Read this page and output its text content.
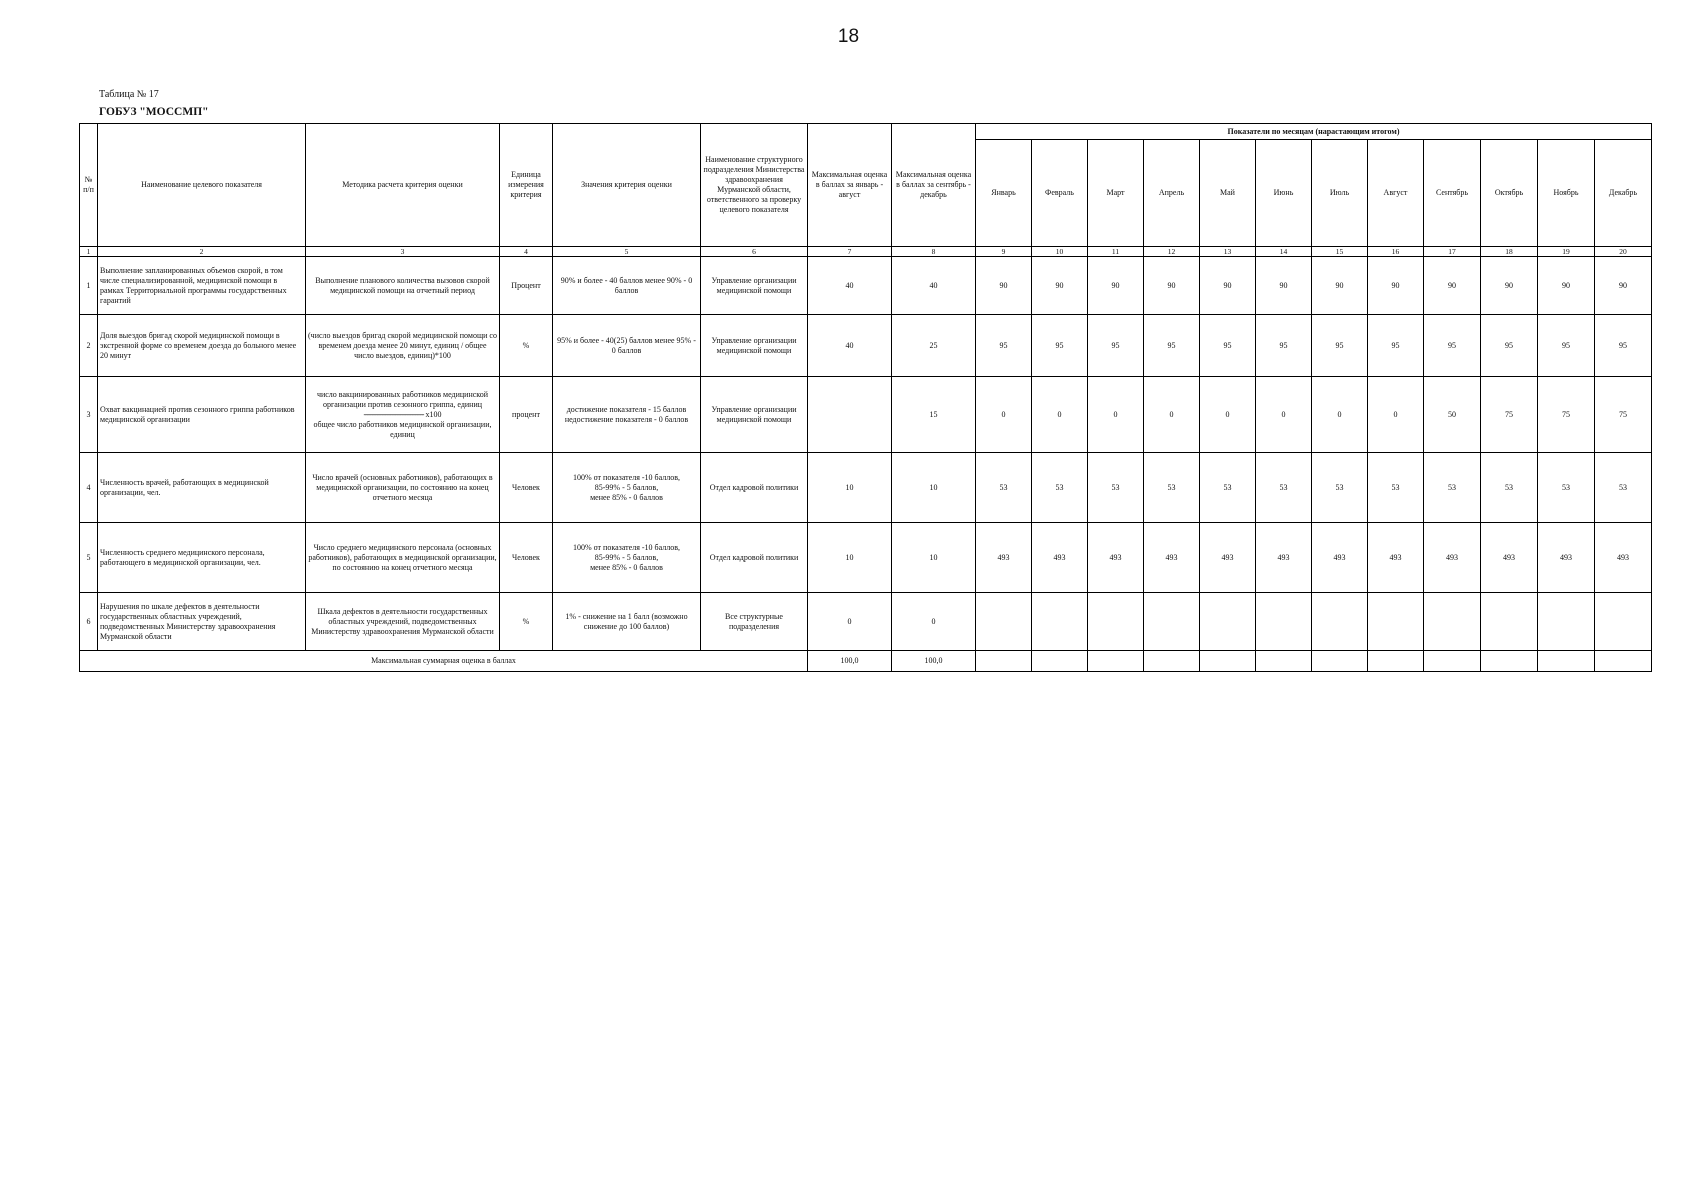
18
Таблица № 17
ГОБУЗ "МОССМП"
№ п/п	Наименование целевого показателя	Методика расчета критерия оценки	Единица измерения критерия	Значения критерия оценки	Наименование структурного подразделения Министерства здравоохранения Мурманской области, ответственного за проверку целевого показателя	Максимальная оценка в баллах за январь - август	Максимальная оценка в баллах за сентябрь - декабрь	Показатели по месяцам (нарастающим итогом)											
								Январь	Февраль	Март	Апрель	Май	Июнь	Июль	Август	Сентябрь	Октябрь	Ноябрь	Декабрь
1	2	3	4	5	6	7	8	9	10	11	12	13	14	15	16	17	18	19	20
1	Выполнение запланированных объемов скорой, в том числе специализированной, медицинской помощи в рамках Территориальной программы государственных гарантий	Выполнение планового количества вызовов скорой медицинской помощи на отчетный период	Процент	90% и более - 40 баллов менее 90% - 0 баллов	Управление организации медицинской помощи	40	40	90	90	90	90	90	90	90	90	90	90	90	90
2	Доля выездов бригад скорой медицинской помощи в экстренной форме со временем доезда до больного менее 20 минут	(число выездов бригад скорой медицинской помощи со временем доезда менее 20 минут, единиц / общее число выездов, единиц)*100	%	95% и более - 40(25) баллов менее 95% - 0 баллов	Управление организации медицинской помощи	40	25	95	95	95	95	95	95	95	95	95	95	95	95
3	Охват вакцинацией против сезонного гриппа работников медицинской организации	число вакцинированных работников медицинской организации против сезонного гриппа, единиц
------------------------------------ x100
общее число работников медицинской организации, единиц	процент	достижение показателя - 15 баллов недостижение показателя - 0 баллов	Управление организации медицинской помощи		15	0	0	0	0	0	0	0	0	50	75	75	75
4	Численность врачей, работающих в медицинской организации, чел.	Число врачей (основных работников), работающих в медицинской организации, по состоянию на конец отчетного месяца	Человек	100% от показателя -10 баллов,
85-99% - 5 баллов,
менее 85% - 0 баллов	Отдел кадровой политики	10	10	53	53	53	53	53	53	53	53	53	53	53	53
5	Численность среднего медицинского персонала, работающего в медицинской организации, чел.	Число среднего медицинского персонала (основных работников), работающих в медицинской организации, по состоянию на конец отчетного месяца	Человек	100% от показателя -10 баллов,
85-99% - 5 баллов,
менее 85% - 0 баллов	Отдел кадровой политики	10	10	493	493	493	493	493	493	493	493	493	493	493	493
6	Нарушения по шкале дефектов в деятельности государственных областных учреждений, подведомственных Министерству здравоохранения Мурманской области	Шкала дефектов в деятельности государственных областных учреждений, подведомственных Министерству здравоохранения Мурманской области	%	1% - снижение на 1 балл (возможно снижение до 100 баллов)	Все структурные подразделения	0	0												
Максимальная суммарная оценка в баллах						100,0	100,0												
